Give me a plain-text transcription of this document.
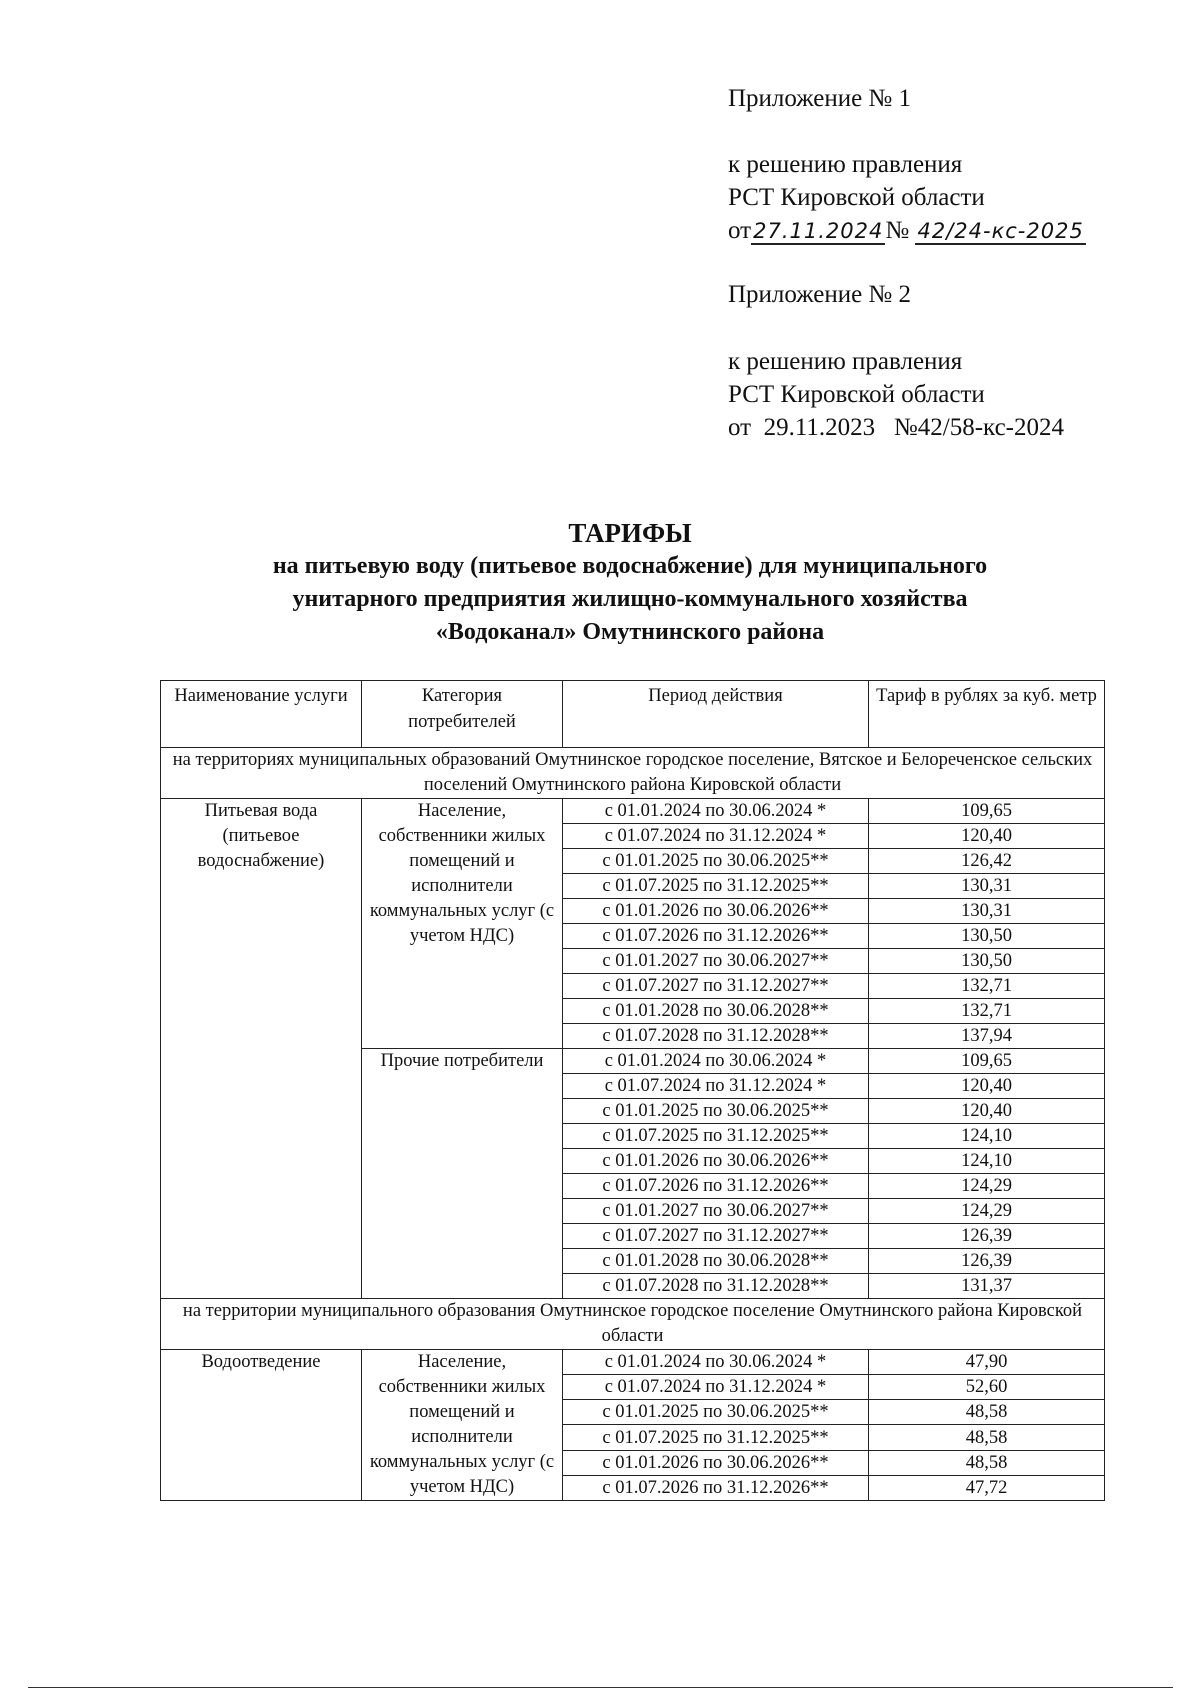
Приложение № 1
к решению правления
РСТ Кировской области
от27.11.2024№ 42/24-кс-2025
Приложение № 2
к решению правления
РСТ Кировской области
от  29.11.2023   №42/58-кс-2024
ТАРИФЫ
на питьевую воду (питьевое водоснабжение) для муниципального
унитарного предприятия жилищно-коммунального хозяйства
«Водоканал» Омутнинского района
Наименование услуги	Категория потребителей	Период действия	Тариф в рублях за куб. метр
на территориях муниципальных образований Омутнинское городское поселение, Вятское и Белореченское сельских поселений Омутнинского района Кировской области			
Питьевая вода (питьевое водоснабжение)	Население, собственники жилых помещений и исполнители коммунальных услуг (с учетом НДС)	с 01.01.2024 по 30.06.2024 *	109,65
		с 01.07.2024 по 31.12.2024 *	120,40
		с 01.01.2025 по 30.06.2025**	126,42
		с 01.07.2025 по 31.12.2025**	130,31
		с 01.01.2026 по 30.06.2026**	130,31
		с 01.07.2026 по 31.12.2026**	130,50
		с 01.01.2027 по 30.06.2027**	130,50
		с 01.07.2027 по 31.12.2027**	132,71
		с 01.01.2028 по 30.06.2028**	132,71
		с 01.07.2028 по 31.12.2028**	137,94
	Прочие потребители	с 01.01.2024 по 30.06.2024 *	109,65
		с 01.07.2024 по 31.12.2024 *	120,40
		с 01.01.2025 по 30.06.2025**	120,40
		с 01.07.2025 по 31.12.2025**	124,10
		с 01.01.2026 по 30.06.2026**	124,10
		с 01.07.2026 по 31.12.2026**	124,29
		с 01.01.2027 по 30.06.2027**	124,29
		с 01.07.2027 по 31.12.2027**	126,39
		с 01.01.2028 по 30.06.2028**	126,39
		с 01.07.2028 по 31.12.2028**	131,37
на территории муниципального образования Омутнинское городское поселение Омутнинского района Кировской области			
Водоотведение	Население, собственники жилых помещений и исполнители коммунальных услуг (с учетом НДС)	с 01.01.2024 по 30.06.2024 *	47,90
		с 01.07.2024 по 31.12.2024 *	52,60
		с 01.01.2025 по 30.06.2025**	48,58
		с 01.07.2025 по 31.12.2025**	48,58
		с 01.01.2026 по 30.06.2026**	48,58
		с 01.07.2026 по 31.12.2026**	47,72
